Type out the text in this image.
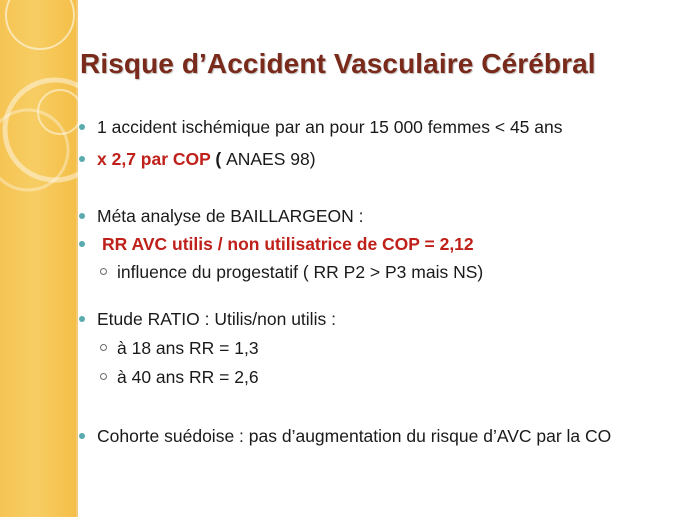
Risque d’Accident Vasculaire Cérébral
1 accident ischémique par an pour 15 000 femmes < 45 ans
x 2,7 par COP ( ANAES 98)
Méta analyse de BAILLARGEON :
RR AVC utilis / non utilisatrice de COP = 2,12
influence du progestatif ( RR P2 > P3 mais NS)
Etude RATIO : Utilis/non utilis :
à 18 ans RR = 1,3
à 40 ans RR = 2,6
Cohorte suédoise : pas d’augmentation du risque d’AVC par la CO
